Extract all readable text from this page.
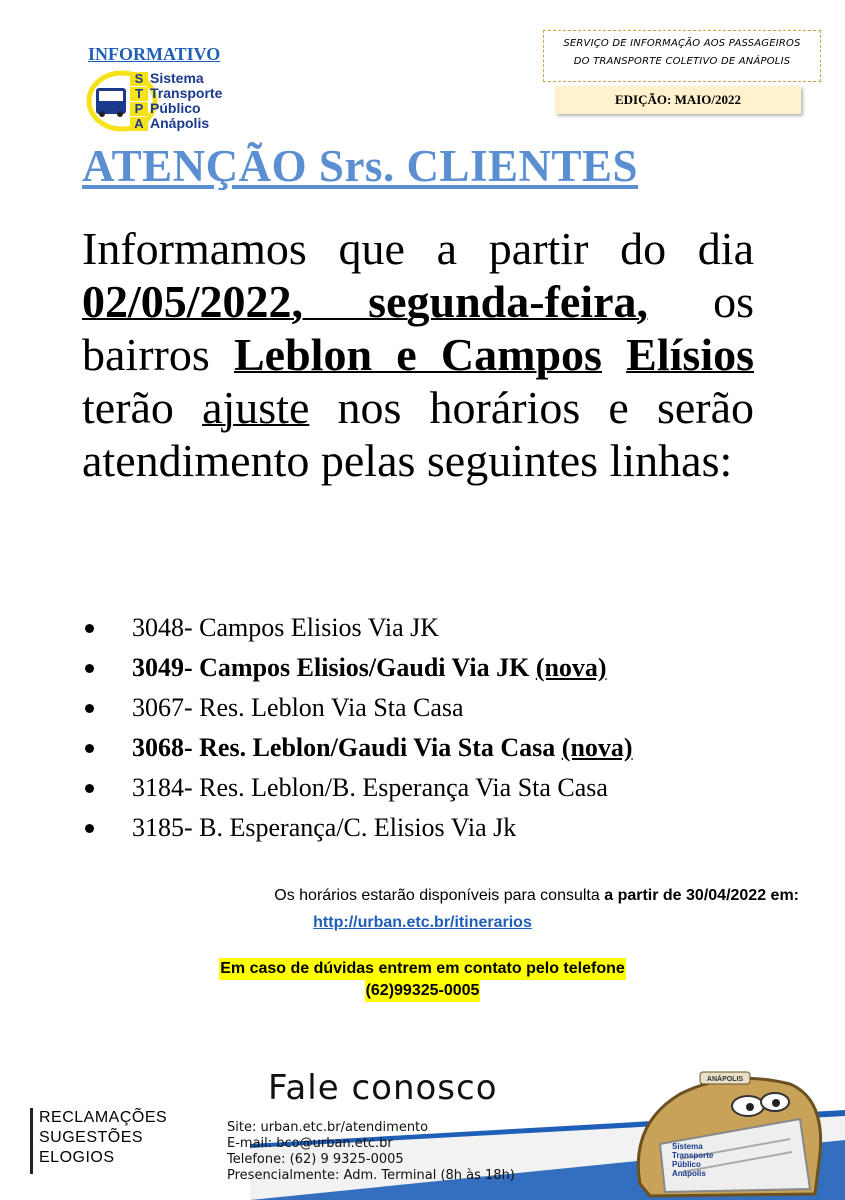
INFORMATIVO
S
T
P
A
Sistema
Transporte
Público
Anápolis
SERVIÇO DE INFORMAÇÃO AOS PASSAGEIROS
DO TRANSPORTE COLETIVO DE ANÁPOLIS
EDIÇÃO: MAIO/2022
ATENÇÃO Srs. CLIENTES
Informamos que a partir do dia 02/05/2022, segunda-feira, os bairros Leblon e Campos Elísios terão ajuste nos horários e serão atendimento pelas seguintes linhas:
3048- Campos Elisios Via JK
3049- Campos Elisios/Gaudi Via JK (nova)
3067- Res. Leblon Via Sta Casa
3068- Res. Leblon/Gaudi Via Sta Casa (nova)
3184- Res. Leblon/B. Esperança Via Sta Casa
3185- B. Esperança/C. Elisios Via Jk
Os horários estarão disponíveis para consulta a partir de 30/04/2022 em:
http://urban.etc.br/itinerarios
Em caso de dúvidas entrem em contato pelo telefone
(62)99325-0005
Fale conosco
RECLAMAÇÕES
SUGESTÕES
ELOGIOS
Site: urban.etc.br/atendimento
E-mail: bco@urban.etc.br
Telefone: (62) 9 9325-0005
Presencialmente: Adm. Terminal (8h às 18h)
ANÁPOLIS
Sistema
Transporte
Público
Anápolis
